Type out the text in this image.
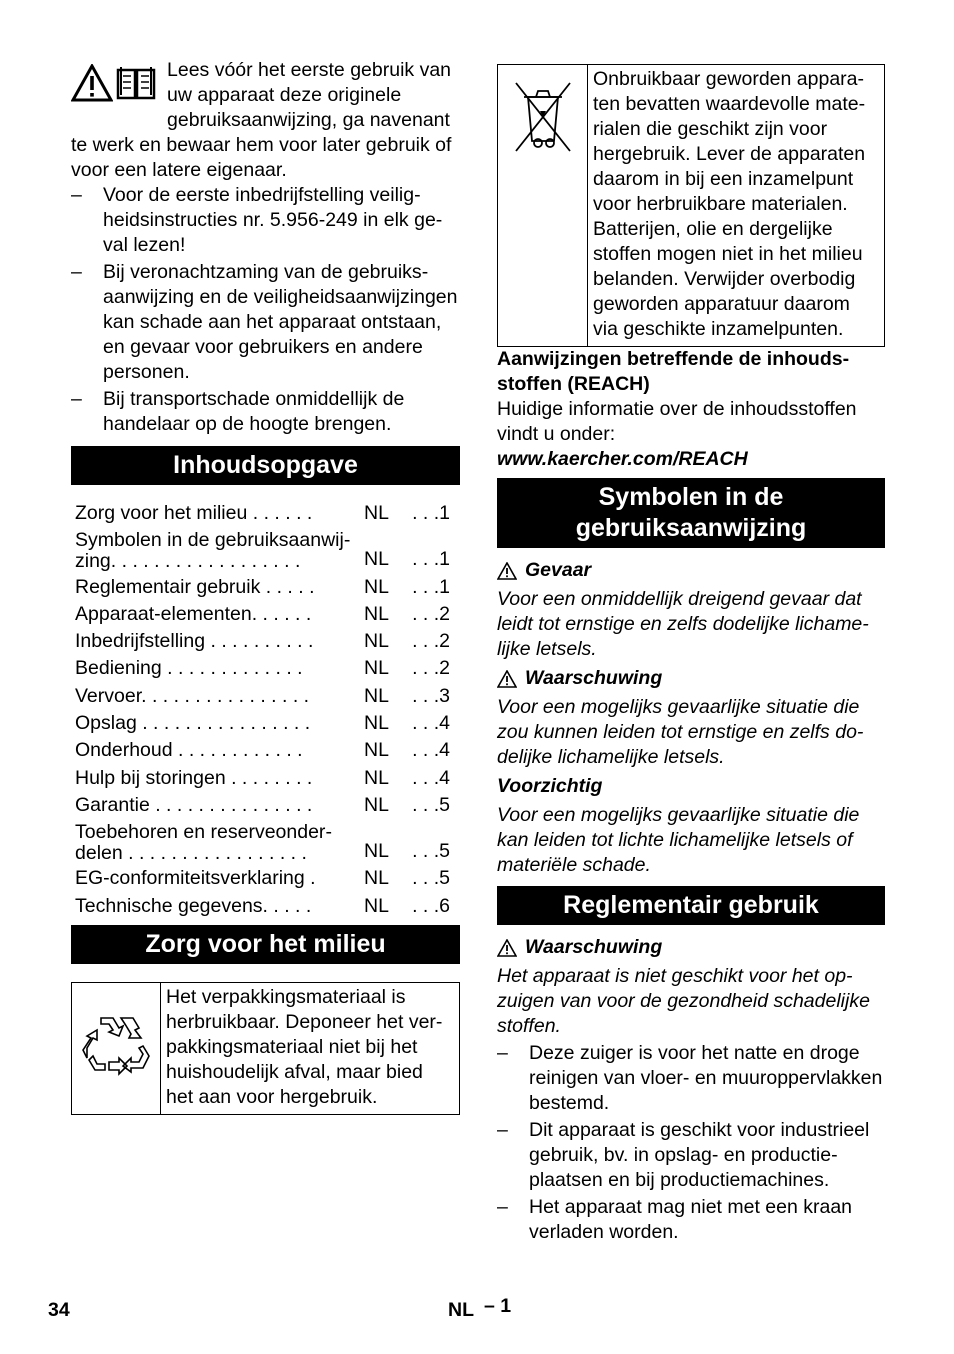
Lees vóór het eerste gebruik van uw apparaat deze originele gebruiksaanwijzing, ga navenant te werk en bewaar hem voor later gebruik of voor een latere eigenaar.

–	Voor de eerste inbedrijfstelling veiligheidsinstructies nr. 5.956-249 in elk geval lezen!
–	Bij veronachtzaming van de gebruiksaanwijzing en de veiligheidsaanwijzingen kan schade aan het apparaat ontstaan, en gevaar voor gebruikers en andere personen.
–	Bij transportschade onmiddellijk de handelaar op de hoogte brengen.
Inhoudsopgave
Zorg voor het milieu . . . . . .	NL	. . .1
Symbolen in de gebruiksaanwijzing. . . . . . . . . . . . . . . . . .	NL	. . .1
Reglementair gebruik . . . . .	NL	. . .1
Apparaat-elementen. . . . . .	NL	. . .2
Inbedrijfstelling . . . . . . . . . .	NL	. . .2
Bediening . . . . . . . . . . . . .	NL	. . .2
Vervoer. . . . . . . . . . . . . . . .	NL	. . .3
Opslag . . . . . . . . . . . . . . . .	NL	. . .4
Onderhoud . . . . . . . . . . . .	NL	. . .4
Hulp bij storingen . . . . . . . .	NL	. . .4
Garantie . . . . . . . . . . . . . . .	NL	. . .5
Toebehoren en reserveonderdelen . . . . . . . . . . . . . . . . .	NL	. . .5
EG-conformiteitsverklaring .	NL	. . .5
Technische gegevens. . . . .	NL	. . .6
Zorg voor het milieu
	Het verpakkingsmateriaal is herbruikbaar. Deponeer het verpakkingsmateriaal niet bij het huishoudelijk afval, maar bied het aan voor hergebruik.
	Onbruikbaar geworden apparaten bevatten waardevolle materialen die geschikt zijn voor hergebruik. Lever de apparaten daarom in bij een inzamelpunt voor herbruikbare materialen. Batterijen, olie en dergelijke stoffen mogen niet in het milieu belanden. Verwijder overbodig geworden apparatuur daarom via geschikte inzamelpunten.

Aanwijzingen betreffende de inhoudsstoffen (REACH)

Huidige informatie over de inhoudsstoffen vindt u onder:

www.kaercher.com/REACH

Symbolen in de gebruiksaanwijzing
Gevaar

Voor een onmiddellijk dreigend gevaar dat leidt tot ernstige en zelfs dodelijke lichamelijke letsels.

Waarschuwing

Voor een mogelijks gevaarlijke situatie die zou kunnen leiden tot ernstige en zelfs dodelijke lichamelijke letsels.

Voorzichtig

Voor een mogelijks gevaarlijke situatie die kan leiden tot lichte lichamelijke letsels of materiële schade.

Reglementair gebruik
Waarschuwing

Het apparaat is niet geschikt voor het opzuigen van voor de gezondheid schadelijke stoffen.

–	Deze zuiger is voor het natte en droge reinigen van vloer- en muuroppervlakken bestemd.
–	Dit apparaat is geschikt voor industrieel gebruik, bv. in opslag- en productieplaatsen en bij productiemachines.
–	Het apparaat mag niet met een kraan verladen worden.
34	NL – 1
